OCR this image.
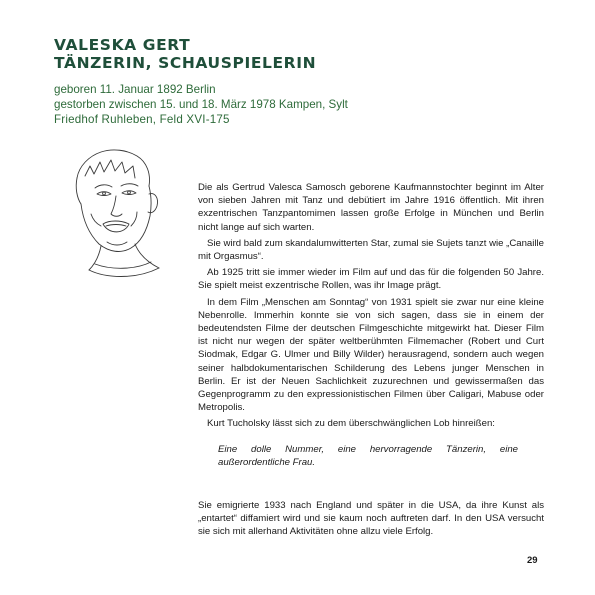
VALESKA GERT
TÄNZERIN, SCHAUSPIELERIN
geboren 11. Januar 1892 Berlin
gestorben zwischen 15. und 18. März 1978 Kampen, Sylt
Friedhof Ruhleben, Feld XVI-175

Die als Gertrud Valesca Samosch geborene Kaufmannstochter beginnt im Alter von sieben Jahren mit Tanz und debütiert im Jahre 1916 öffentlich. Mit ihren exzentrischen Tanzpantomimen lassen große Erfolge in München und Berlin nicht lange auf sich warten.

Sie wird bald zum skandalumwitterten Star, zumal sie Sujets tanzt wie „Canaille mit Orgasmus“.

Ab 1925 tritt sie immer wieder im Film auf und das für die folgenden 50 Jahre. Sie spielt meist exzentrische Rollen, was ihr Image prägt.

In dem Film „Menschen am Sonntag“ von 1931 spielt sie zwar nur eine kleine Nebenrolle. Immerhin konnte sie von sich sagen, dass sie in einem der bedeutendsten Filme der deutschen Filmgeschichte mitgewirkt hat. Dieser Film ist nicht nur wegen der später weltberühmten Filmemacher (Robert und Curt Siodmak, Edgar G. Ulmer und Billy Wilder) herausragend, sondern auch wegen seiner halbdokumentarischen Schilderung des Lebens junger Menschen in Berlin. Er ist der Neuen Sachlichkeit zuzurechnen und gewissermaßen das Gegenprogramm zu den expressionistischen Filmen über Caligari, Mabuse oder Metropolis.

Kurt Tucholsky lässt sich zu dem überschwänglichen Lob hinreißen:

Eine dolle Nummer, eine hervorragende Tänzerin, eine außerordentliche Frau.

Sie emigrierte 1933 nach England und später in die USA, da ihre Kunst als „entartet“ diffamiert wird und sie kaum noch auftreten darf. In den USA versucht sie sich mit allerhand Aktivitäten ohne allzu viele Erfolg.

29
